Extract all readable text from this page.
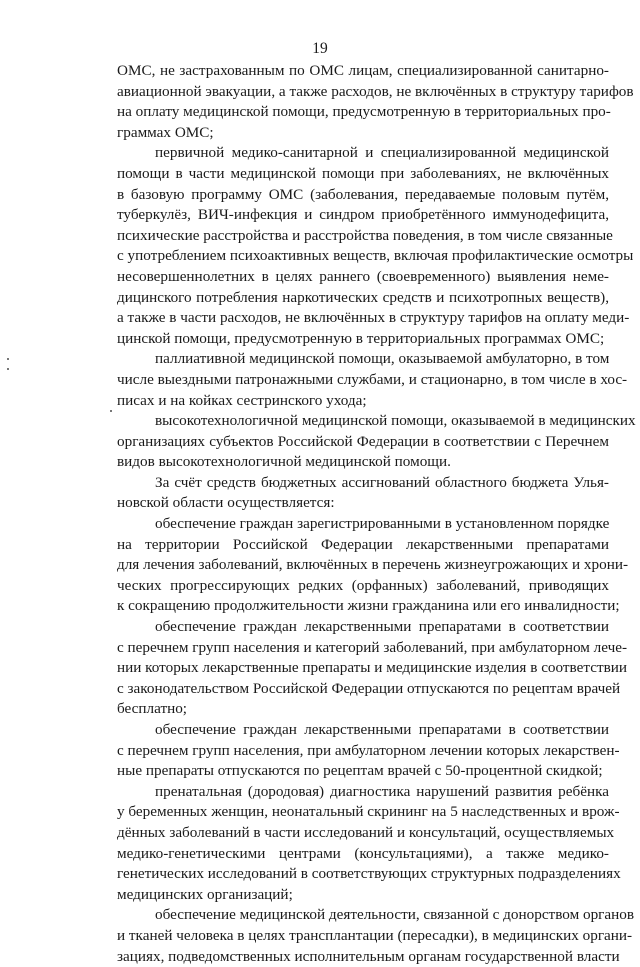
19
ОМС, не застрахованным по ОМС лицам, специализированной санитарно-
авиационной эвакуации, а также расходов, не включённых в структуру тарифов
на оплату медицинской помощи, предусмотренную в территориальных про-
граммах ОМС;
первичной медико-санитарной и специализированной медицинской
помощи в части медицинской помощи при заболеваниях, не включённых
в базовую программу ОМС (заболевания, передаваемые половым путём,
туберкулёз, ВИЧ-инфекция и синдром приобретённого иммунодефицита,
психические расстройства и расстройства поведения, в том числе связанные
с употреблением психоактивных веществ, включая профилактические осмотры
несовершеннолетних в целях раннего (своевременного) выявления неме-
дицинского потребления наркотических средств и психотропных веществ),
а также в части расходов, не включённых в структуру тарифов на оплату меди-
цинской помощи, предусмотренную в территориальных программах ОМС;
паллиативной медицинской помощи, оказываемой амбулаторно, в том
числе выездными патронажными службами, и стационарно, в том числе в хос-
писах и на койках сестринского ухода;
высокотехнологичной медицинской помощи, оказываемой в медицинских
организациях субъектов Российской Федерации в соответствии с Перечнем
видов высокотехнологичной медицинской помощи.
За счёт средств бюджетных ассигнований областного бюджета Улья-
новской области осуществляется:
обеспечение граждан зарегистрированными в установленном порядке
на территории Российской Федерации лекарственными препаратами
для лечения заболеваний, включённых в перечень жизнеугрожающих и хрони-
ческих прогрессирующих редких (орфанных) заболеваний, приводящих
к сокращению продолжительности жизни гражданина или его инвалидности;
обеспечение граждан лекарственными препаратами в соответствии
с перечнем групп населения и категорий заболеваний, при амбулаторном лече-
нии которых лекарственные препараты и медицинские изделия в соответствии
с законодательством Российской Федерации отпускаются по рецептам врачей
бесплатно;
обеспечение граждан лекарственными препаратами в соответствии
с перечнем групп населения, при амбулаторном лечении которых лекарствен-
ные препараты отпускаются по рецептам врачей с 50-процентной скидкой;
пренатальная (дородовая) диагностика нарушений развития ребёнка
у беременных женщин, неонатальный скрининг на 5 наследственных и врож-
дённых заболеваний в части исследований и консультаций, осуществляемых
медико-генетическими центрами (консультациями), а также медико-
генетических исследований в соответствующих структурных подразделениях
медицинских организаций;
обеспечение медицинской деятельности, связанной с донорством органов
и тканей человека в целях трансплантации (пересадки), в медицинских органи-
зациях, подведомственных исполнительным органам государственной власти
